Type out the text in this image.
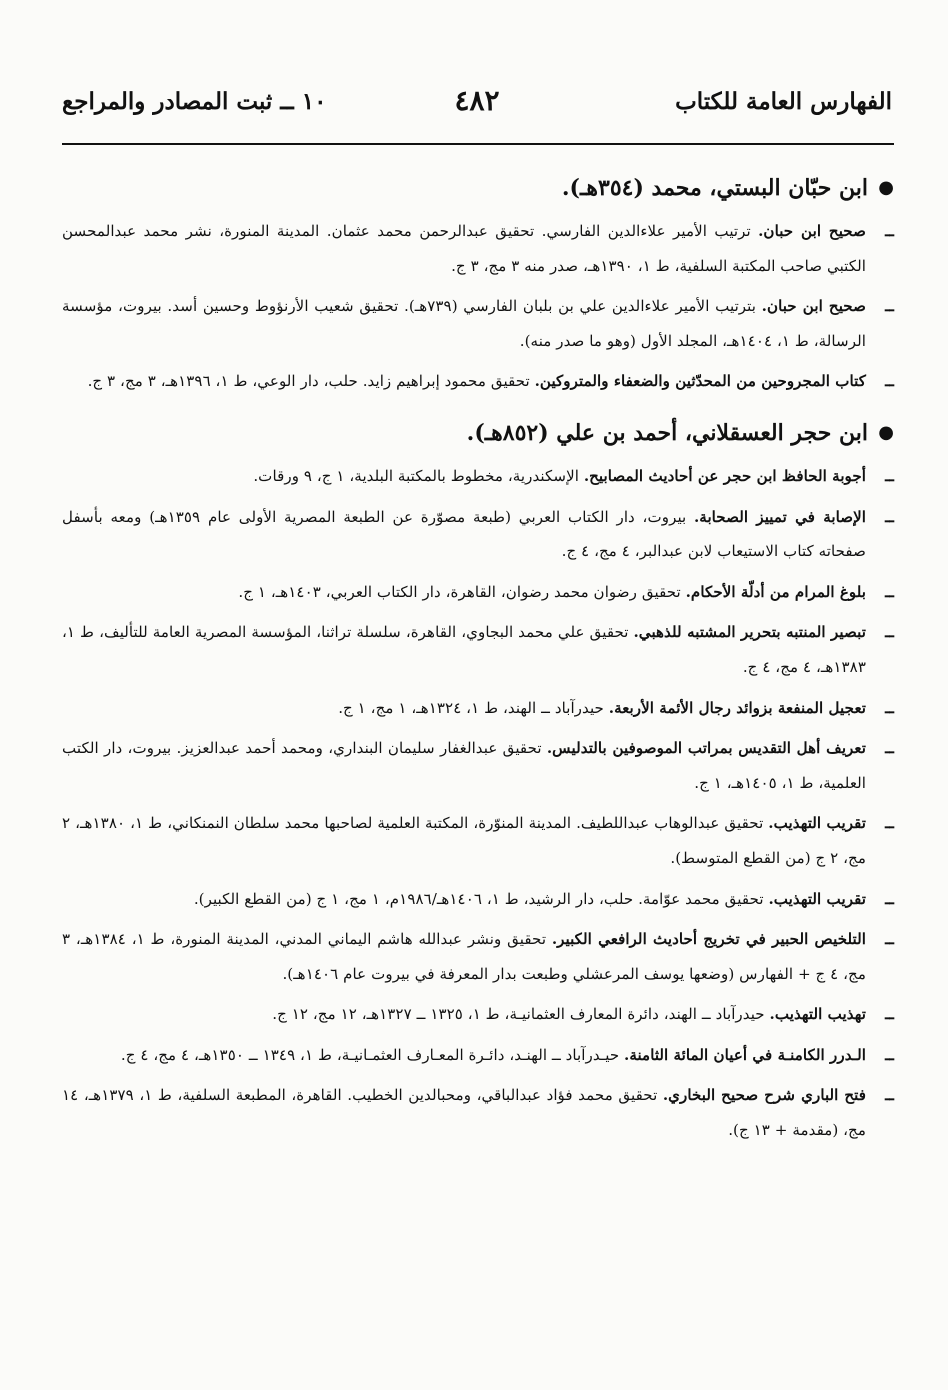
الفهارس العامة للكتاب
٤٨٢
١٠ ــ ثبت المصادر والمراجع
●
ابن حبّان البستي، محمد (٣٥٤هـ).
ــ
صحيح ابن حبان. ترتيب الأمير علاءالدين الفارسي. تحقيق عبدالرحمن محمد عثمان. المدينة المنورة، نشر محمد عبدالمحسن الكتبي صاحب المكتبة السلفية، ط ١، ١٣٩٠هـ، صدر منه ٣ مج، ٣ ج.
ــ
صحيح ابن حبان. بترتيب الأمير علاءالدين علي بن بلبان الفارسي (٧٣٩هـ). تحقيق شعيب الأرنؤوط وحسين أسد. بيروت، مؤسسة الرسالة، ط ١، ١٤٠٤هـ، المجلد الأول (وهو ما صدر منه).
ــ
كتاب المجروحين من المحدّثين والضعفاء والمتروكين. تحقيق محمود إبراهيم زايد. حلب، دار الوعي، ط ١، ١٣٩٦هـ، ٣ مج، ٣ ج.
●
ابن حجر العسقلاني، أحمد بن علي (٨٥٢هـ).
ــ
أجوبة الحافظ ابن حجر عن أحاديث المصابيح. الإسكندرية، مخطوط بالمكتبة البلدية، ١ ج، ٩ ورقات.
ــ
الإصابة في تمييز الصحابة. بيروت، دار الكتاب العربي (طبعة مصوّرة عن الطبعة المصرية الأولى عام ١٣٥٩هـ) ومعه بأسفل صفحاته كتاب الاستيعاب لابن عبدالبر، ٤ مج، ٤ ج.
ــ
بلوغ المرام من أدلّة الأحكام. تحقيق رضوان محمد رضوان، القاهرة، دار الكتاب العربي، ١٤٠٣هـ، ١ ج.
ــ
تبصير المنتبه بتحرير المشتبه للذهبي. تحقيق علي محمد البجاوي، القاهرة، سلسلة تراثنا، المؤسسة المصرية العامة للتأليف، ط ١، ١٣٨٣هـ، ٤ مج، ٤ ج.
ــ
تعجيل المنفعة بزوائد رجال الأئمة الأربعة. حيدرآباد ــ الهند، ط ١، ١٣٢٤هـ، ١ مج، ١ ج.
ــ
تعريف أهل التقديس بمراتب الموصوفين بالتدليس. تحقيق عبدالغفار سليمان البنداري، ومحمد أحمد عبدالعزيز. بيروت، دار الكتب العلمية، ط ١، ١٤٠٥هـ، ١ ج.
ــ
تقريب التهذيب. تحقيق عبدالوهاب عبداللطيف. المدينة المنوّرة، المكتبة العلمية لصاحبها محمد سلطان النمنكاني، ط ١، ١٣٨٠هـ، ٢ مج، ٢ ج (من القطع المتوسط).
ــ
تقريب التهذيب. تحقيق محمد عوّامة. حلب، دار الرشيد، ط ١، ١٤٠٦هـ/١٩٨٦م، ١ مج، ١ ج (من القطع الكبير).
ــ
التلخيص الحبير في تخريج أحاديث الرافعي الكبير. تحقيق ونشر عبدالله هاشم اليماني المدني، المدينة المنورة، ط ١، ١٣٨٤هـ، ٣ مج، ٤ ج + الفهارس (وضعها يوسف المرعشلي وطبعت بدار المعرفة في بيروت عام ١٤٠٦هـ).
ــ
تهذيب التهذيب. حيدرآباد ــ الهند، دائرة المعارف العثمانيـة، ط ١، ١٣٢٥ ــ ١٣٢٧هـ، ١٢ مج، ١٢ ج.
ــ
الـدرر الكامنـة في أعيان المائة الثامنة. حيـدرآباد ــ الهنـد، دائـرة المعـارف العثمـانيـة، ط ١، ١٣٤٩ ــ ١٣٥٠هـ، ٤ مج، ٤ ج.
ــ
فتح الباري شرح صحيح البخاري. تحقيق محمد فؤاد عبدالباقي، ومحبالدين الخطيب. القاهرة، المطبعة السلفية، ط ١، ١٣٧٩هـ، ١٤ مج، (مقدمة + ١٣ ج).
